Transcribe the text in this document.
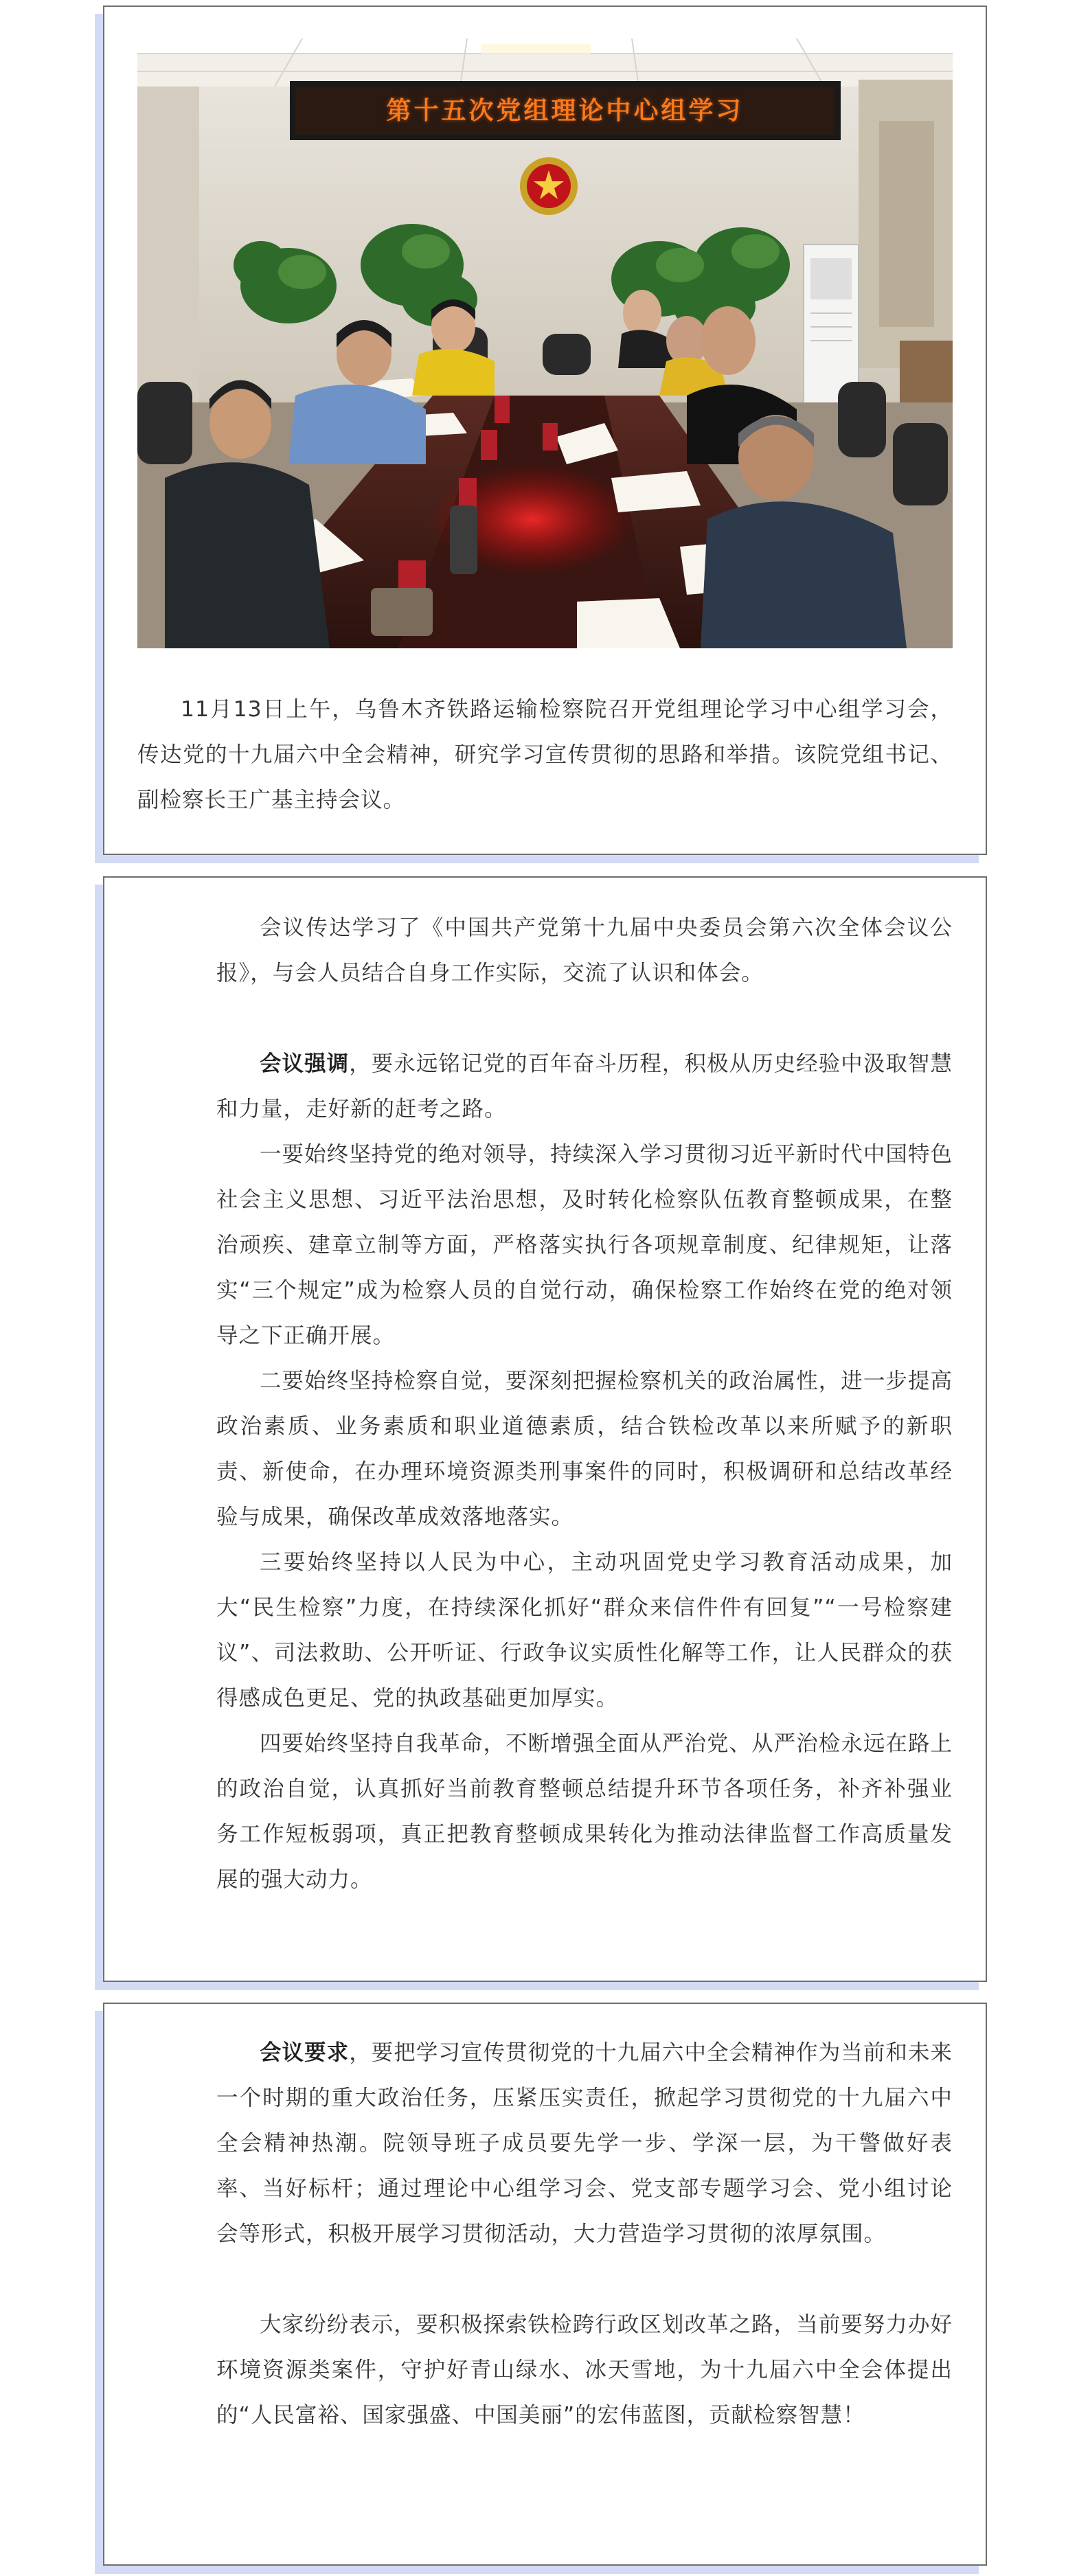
第十五次党组理论中心组学习

11月13日上午，乌鲁木齐铁路运输检察院召开党组理论学习中心组学习会，传达党的十九届六中全会精神，研究学习宣传贯彻的思路和举措。该院党组书记、副检察长王广基主持会议。

会议传达学习了《中国共产党第十九届中央委员会第六次全体会议公报》，与会人员结合自身工作实际，交流了认识和体会。

会议强调，要永远铭记党的百年奋斗历程，积极从历史经验中汲取智慧和力量，走好新的赶考之路。

一要始终坚持党的绝对领导，持续深入学习贯彻习近平新时代中国特色社会主义思想、习近平法治思想，及时转化检察队伍教育整顿成果，在整治顽疾、建章立制等方面，严格落实执行各项规章制度、纪律规矩，让落实“三个规定”成为检察人员的自觉行动，确保检察工作始终在党的绝对领导之下正确开展。

二要始终坚持检察自觉，要深刻把握检察机关的政治属性，进一步提高政治素质、业务素质和职业道德素质，结合铁检改革以来所赋予的新职责、新使命，在办理环境资源类刑事案件的同时，积极调研和总结改革经验与成果，确保改革成效落地落实。

三要始终坚持以人民为中心，主动巩固党史学习教育活动成果，加大“民生检察”力度，在持续深化抓好“群众来信件件有回复”“一号检察建议”、司法救助、公开听证、行政争议实质性化解等工作，让人民群众的获得感成色更足、党的执政基础更加厚实。

四要始终坚持自我革命，不断增强全面从严治党、从严治检永远在路上的政治自觉，认真抓好当前教育整顿总结提升环节各项任务，补齐补强业务工作短板弱项，真正把教育整顿成果转化为推动法律监督工作高质量发展的强大动力。

会议要求，要把学习宣传贯彻党的十九届六中全会精神作为当前和未来一个时期的重大政治任务，压紧压实责任，掀起学习贯彻党的十九届六中全会精神热潮。院领导班子成员要先学一步、学深一层，为干警做好表率、当好标杆；通过理论中心组学习会、党支部专题学习会、党小组讨论会等形式，积极开展学习贯彻活动，大力营造学习贯彻的浓厚氛围。

大家纷纷表示，要积极探索铁检跨行政区划改革之路，当前要努力办好环境资源类案件，守护好青山绿水、冰天雪地，为十九届六中全会体提出的“人民富裕、国家强盛、中国美丽”的宏伟蓝图，贡献检察智慧！
